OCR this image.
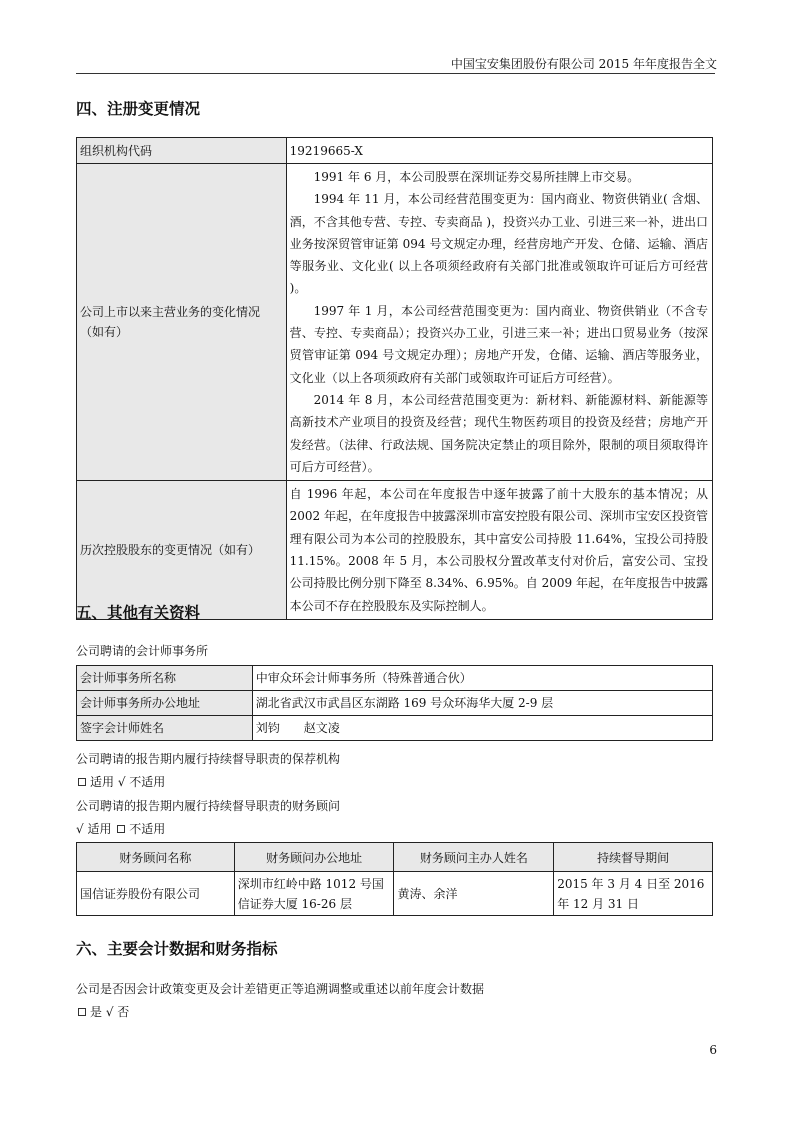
中国宝安集团股份有限公司 2015 年年度报告全文
四、注册变更情况
组织机构代码	19219665-X
公司上市以来主营业务的变化情况（如有）	1991 年 6 月，本公司股票在深圳证券交易所挂牌上市交易。

1994 年 11 月，本公司经营范围变更为：国内商业、物资供销业( 含烟、酒，不含其他专营、专控、专卖商品 )，投资兴办工业、引进三来一补，进出口业务按深贸管审证第 094 号文规定办理，经营房地产开发、仓储、运输、酒店等服务业、文化业( 以上各项须经政府有关部门批准或领取许可证后方可经营 )。

1997 年 1 月，本公司经营范围变更为：国内商业、物资供销业（不含专营、专控、专卖商品）；投资兴办工业，引进三来一补；进出口贸易业务（按深贸管审证第 094 号文规定办理）；房地产开发，仓储、运输、酒店等服务业，文化业（以上各项须政府有关部门或领取许可证后方可经营）。

2014 年 8 月，本公司经营范围变更为：新材料、新能源材料、新能源等高新技术产业项目的投资及经营；现代生物医药项目的投资及经营；房地产开发经营。（法律、行政法规、国务院决定禁止的项目除外，限制的项目须取得许可后方可经营）。

历次控股股东的变更情况（如有）	自 1996 年起，本公司在年度报告中逐年披露了前十大股东的基本情况；从 2002 年起，在年度报告中披露深圳市富安控股有限公司、深圳市宝安区投资管理有限公司为本公司的控股股东，其中富安公司持股 11.64%，宝投公司持股 11.15%。2008 年 5 月，本公司股权分置改革支付对价后，富安公司、宝投公司持股比例分别下降至 8.34%、6.95%。自 2009 年起，在年度报告中披露本公司不存在控股股东及实际控制人。
五、其他有关资料
公司聘请的会计师事务所
会计师事务所名称	中审众环会计师事务所（特殊普通合伙）
会计师事务所办公地址	湖北省武汉市武昌区东湖路 169 号众环海华大厦 2-9 层
签字会计师姓名	刘钧　　赵文凌
公司聘请的报告期内履行持续督导职责的保荐机构
适用 √ 不适用
公司聘请的报告期内履行持续督导职责的财务顾问
√ 适用 不适用
财务顾问名称	财务顾问办公地址	财务顾问主办人姓名	持续督导期间
国信证券股份有限公司	深圳市红岭中路 1012 号国信证券大厦 16-26 层	黄涛、余洋	2015 年 3 月 4 日至 2016 年 12 月 31 日
六、主要会计数据和财务指标
公司是否因会计政策变更及会计差错更正等追溯调整或重述以前年度会计数据
是 √ 否
6
